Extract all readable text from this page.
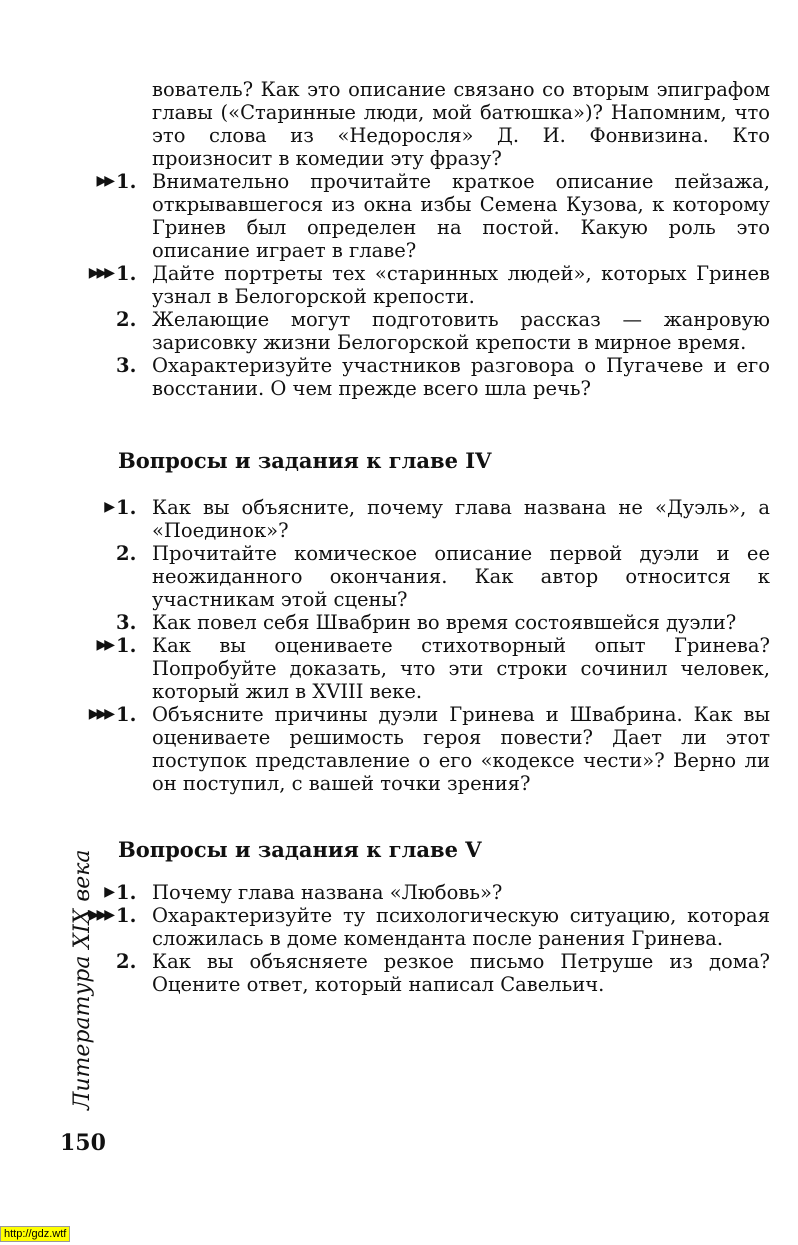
вователь? Как это описание связано со вторым эпиграфом главы («Старинные люди, мой батюшка»)? Напомним, что это слова из «Недоросля» Д. И. Фонвизина. Кто произносит в комедии эту фразу?
▶▶ 1. Внимательно прочитайте краткое описание пейзажа, открывавшегося из окна избы Семена Кузова, к которому Гринев был определен на постой. Какую роль это описание играет в главе?
▶▶▶ 1. Дайте портреты тех «старинных людей», которых Гринев узнал в Белогорской крепости.
2. Желающие могут подготовить рассказ — жанровую зарисовку жизни Белогорской крепости в мирное время.
3. Охарактеризуйте участников разговора о Пугачеве и его восстании. О чем прежде всего шла речь?
Вопросы и задания к главе IV
▶ 1. Как вы объясните, почему глава названа не «Дуэль», а «Поединок»?
2. Прочитайте комическое описание первой дуэли и ее неожиданного окончания. Как автор относится к участникам этой сцены?
3. Как повел себя Швабрин во время состоявшейся дуэли?
▶▶ 1. Как вы оцениваете стихотворный опыт Гринева? Попробуйте доказать, что эти строки сочинил человек, который жил в XVIII веке.
▶▶▶ 1. Объясните причины дуэли Гринева и Швабрина. Как вы оцениваете решимость героя повести? Дает ли этот поступок представление о его «кодексе чести»? Верно ли он поступил, с вашей точки зрения?
Вопросы и задания к главе V
▶ 1. Почему глава названа «Любовь»?
▶▶▶ 1. Охарактеризуйте ту психологическую ситуацию, которая сложилась в доме коменданта после ранения Гринева.
2. Как вы объясняете резкое письмо Петруше из дома? Оцените ответ, который написал Савельич.
Литература XIX века
150
http://gdz.wtf
